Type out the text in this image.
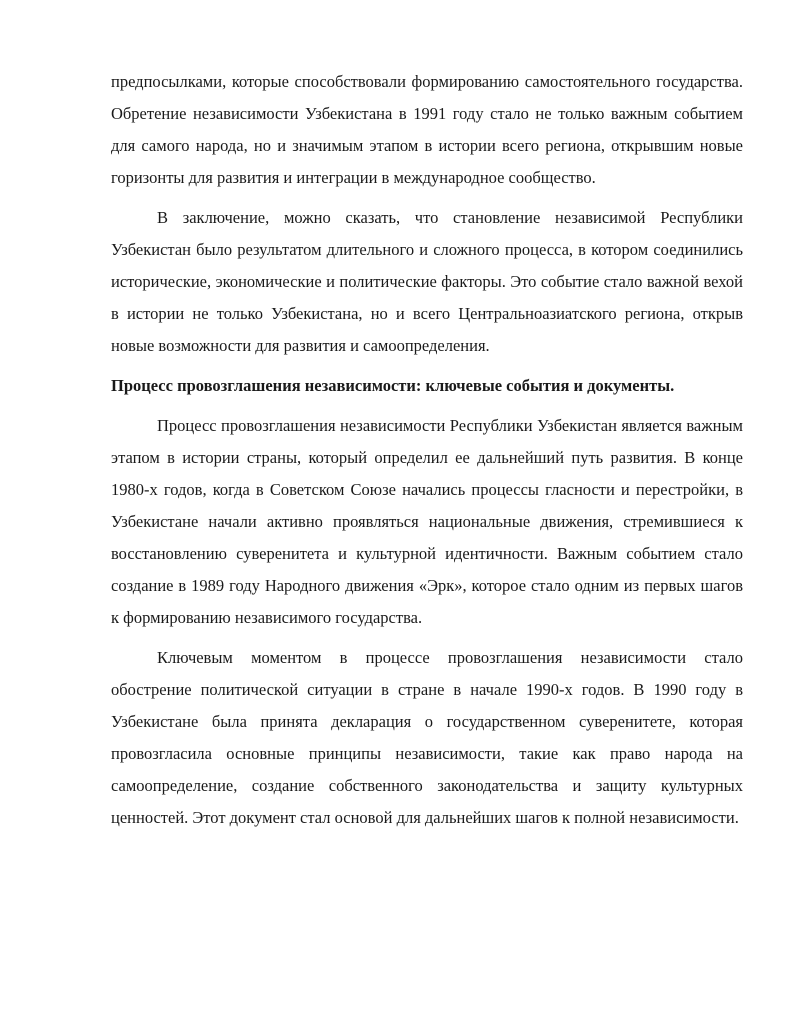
предпосылками, которые способствовали формированию самостоятельного государства. Обретение независимости Узбекистана в 1991 году стало не только важным событием для самого народа, но и значимым этапом в истории всего региона, открывшим новые горизонты для развития и интеграции в международное сообщество.

В заключение, можно сказать, что становление независимой Республики Узбекистан было результатом длительного и сложного процесса, в котором соединились исторические, экономические и политические факторы. Это событие стало важной вехой в истории не только Узбекистана, но и всего Центральноазиатского региона, открыв новые возможности для развития и самоопределения.

Процесс провозглашения независимости: ключевые события и документы.

Процесс провозглашения независимости Республики Узбекистан является важным этапом в истории страны, который определил ее дальнейший путь развития. В конце 1980-х годов, когда в Советском Союзе начались процессы гласности и перестройки, в Узбекистане начали активно проявляться национальные движения, стремившиеся к восстановлению суверенитета и культурной идентичности. Важным событием стало создание в 1989 году Народного движения «Эрк», которое стало одним из первых шагов к формированию независимого государства.

Ключевым моментом в процессе провозглашения независимости стало обострение политической ситуации в стране в начале 1990-х годов. В 1990 году в Узбекистане была принята декларация о государственном суверенитете, которая провозгласила основные принципы независимости, такие как право народа на самоопределение, создание собственного законодательства и защиту культурных ценностей. Этот документ стал основой для дальнейших шагов к полной независимости.
